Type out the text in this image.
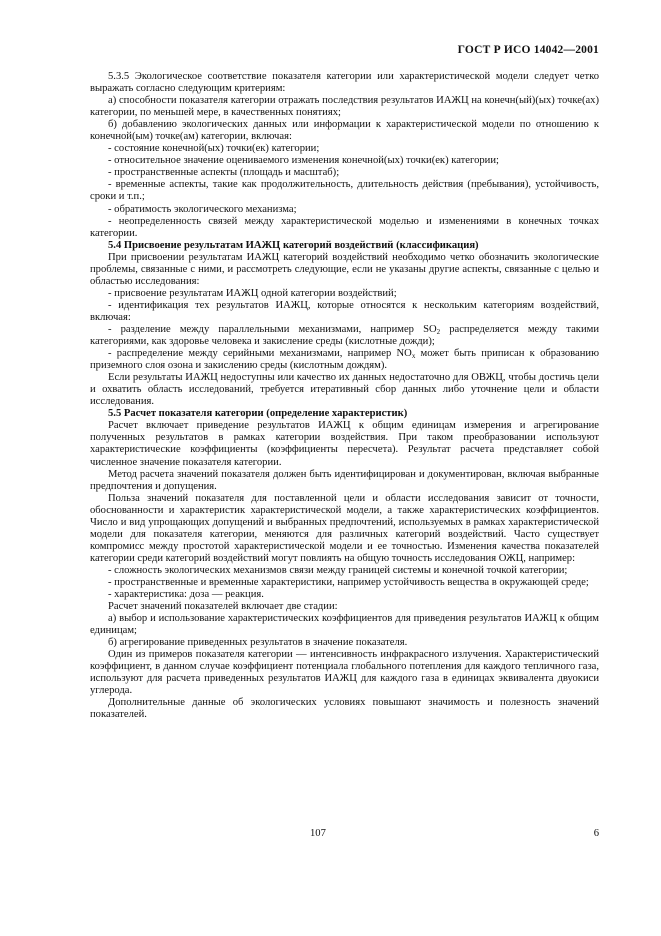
ГОСТ Р ИСО 14042—2001

5.3.5 Экологическое соответствие показателя категории или характеристической модели следует четко выражать согласно следующим критериям:

а) способности показателя категории отражать последствия результатов ИАЖЦ на конечн(ый)(ых) точке(ах) категории, по меньшей мере, в качественных понятиях;

б) добавлению экологических данных или информации к характеристической модели по отношению к конечной(ым) точке(ам) категории, включая:

- состояние конечной(ых) точки(ек) категории;

- относительное значение оцениваемого изменения конечной(ых) точки(ек) категории;

- пространственные аспекты (площадь и масштаб);

- временные аспекты, такие как продолжительность, длительность действия (пребывания), устойчивость, сроки и т.п.;

- обратимость экологического механизма;

- неопределенность связей между характеристической моделью и изменениями в конечных точках категории.

5.4 Присвоение результатам ИАЖЦ категорий воздействий (классификация)

При присвоении результатам ИАЖЦ категорий воздействий необходимо четко обозначить экологические проблемы, связанные с ними, и рассмотреть следующие, если не указаны другие аспекты, связанные с целью и областью исследования:

- присвоение результатам ИАЖЦ одной категории воздействий;

- идентификация тех результатов ИАЖЦ, которые относятся к нескольким категориям воздействий, включая:

- разделение между параллельными механизмами, например $SO_2$ распределяется между такими категориями, как здоровье человека и закисление среды (кислотные дожди);

- распределение между серийными механизмами, например $NO_x$ может быть приписан к образованию приземного слоя озона и закислению среды (кислотным дождям).

Если результаты ИАЖЦ недоступны или качество их данных недостаточно для ОВЖЦ, чтобы достичь цели и охватить область исследований, требуется итеративный сбор данных либо уточнение цели и области исследования.

5.5 Расчет показателя категории (определение характеристик)

Расчет включает приведение результатов ИАЖЦ к общим единицам измерения и агрегирование полученных результатов в рамках категории воздействия. При таком преобразовании используют характеристические коэффициенты (коэффициенты пересчета). Результат расчета представляет собой численное значение показателя категории.

Метод расчета значений показателя должен быть идентифицирован и документирован, включая выбранные предпочтения и допущения.

Польза значений показателя для поставленной цели и области исследования зависит от точности, обоснованности и характеристик характеристической модели, а также характеристических коэффициентов. Число и вид упрощающих допущений и выбранных предпочтений, используемых в рамках характеристической модели для показателя категории, меняются для различных категорий воздействий. Часто существует компромисс между простотой характеристической модели и ее точностью. Изменения качества показателей категории среди категорий воздействий могут повлиять на общую точность исследования ОЖЦ, например:

- сложность экологических механизмов связи между границей системы и конечной точкой категории;

- пространственные и временные характеристики, например устойчивость вещества в окружающей среде;

- характеристика: доза — реакция.

Расчет значений показателей включает две стадии:

а) выбор и использование характеристических коэффициентов для приведения результатов ИАЖЦ к общим единицам;

б) агрегирование приведенных результатов в значение показателя.

Один из примеров показателя категории — интенсивность инфракрасного излучения. Характеристический коэффициент, в данном случае коэффициент потенциала глобального потепления для каждого тепличного газа, используют для расчета приведенных результатов ИАЖЦ для каждого газа в единицах эквивалента двуокиси углерода.

Дополнительные данные об экологических условиях повышают значимость и полезность значений показателей.

107	6
